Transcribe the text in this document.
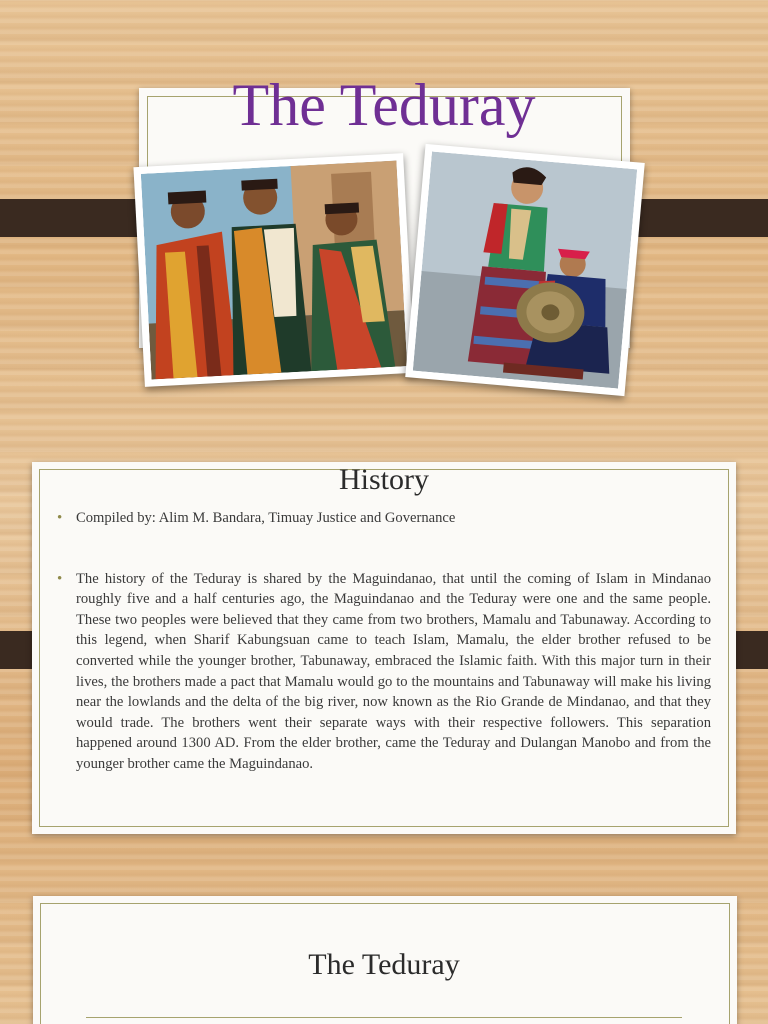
The Teduray
History
• Compiled by: Alim M. Bandara, Timuay Justice and Governance
• The history of the Teduray is shared by the Maguindanao, that until the coming of Islam in Mindanao roughly five and a half centuries ago, the Maguindanao and the Teduray were one and the same people. These two peoples were believed that they came from two brothers, Mamalu and Tabunaway. According to this legend, when Sharif Kabungsuan came to teach Islam, Mamalu, the elder brother refused to be converted while the younger brother, Tabunaway, embraced the Islamic faith. With this major turn in their lives, the brothers made a pact that Mamalu would go to the mountains and Tabunaway will make his living near the lowlands and the delta of the big river, now known as the Rio Grande de Mindanao, and that they would trade. The brothers went their separate ways with their respective followers. This separation happened around 1300 AD. From the elder brother, came the Teduray and Dulangan Manobo and from the younger brother came the Maguindanao.
The Teduray
